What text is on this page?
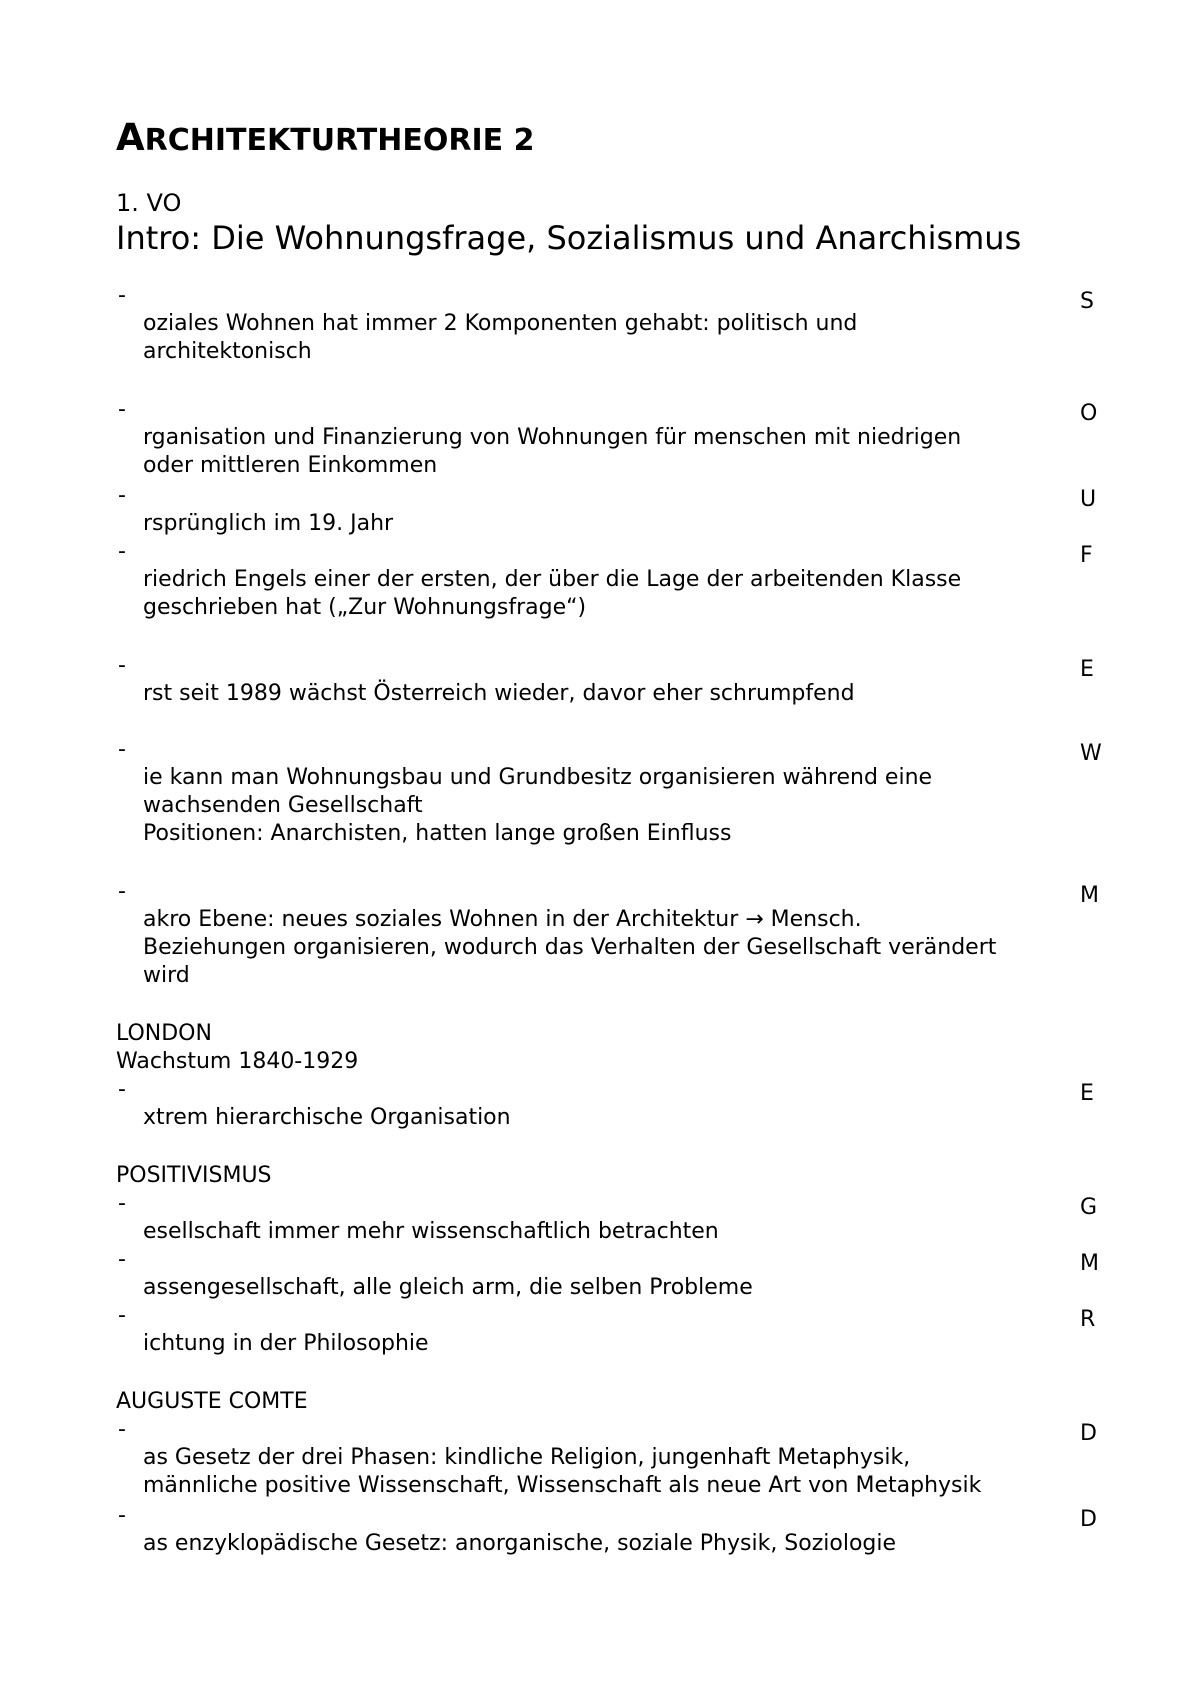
ARCHITEKTURTHEORIE 2
1. VO
Intro: Die Wohnungsfrage, Sozialismus und Anarchismus
-	S
oziales Wohnen hat immer 2 Komponenten gehabt: politisch und
architektonisch
-	O
rganisation und Finanzierung von Wohnungen für menschen mit niedrigen
oder mittleren Einkommen
-	U
rsprünglich im 19. Jahr
-	F
riedrich Engels einer der ersten, der über die Lage der arbeitenden Klasse
geschrieben hat („Zur Wohnungsfrage“)
-	E
rst seit 1989 wächst Österreich wieder, davor eher schrumpfend
-	W
ie kann man Wohnungsbau und Grundbesitz organisieren während eine
wachsenden Gesellschaft
Positionen: Anarchisten, hatten lange großen Einfluss
-	M
akro Ebene: neues soziales Wohnen in der Architektur → Mensch.
Beziehungen organisieren, wodurch das Verhalten der Gesellschaft verändert
wird
LONDON
Wachstum 1840-1929
-	E
xtrem hierarchische Organisation
POSITIVISMUS
-	G
esellschaft immer mehr wissenschaftlich betrachten
-	M
assengesellschaft, alle gleich arm, die selben Probleme
-	R
ichtung in der Philosophie
AUGUSTE COMTE
-	D
as Gesetz der drei Phasen: kindliche Religion, jungenhaft Metaphysik,
männliche positive Wissenschaft, Wissenschaft als neue Art von Metaphysik
-	D
as enzyklopädische Gesetz: anorganische, soziale Physik, Soziologie
